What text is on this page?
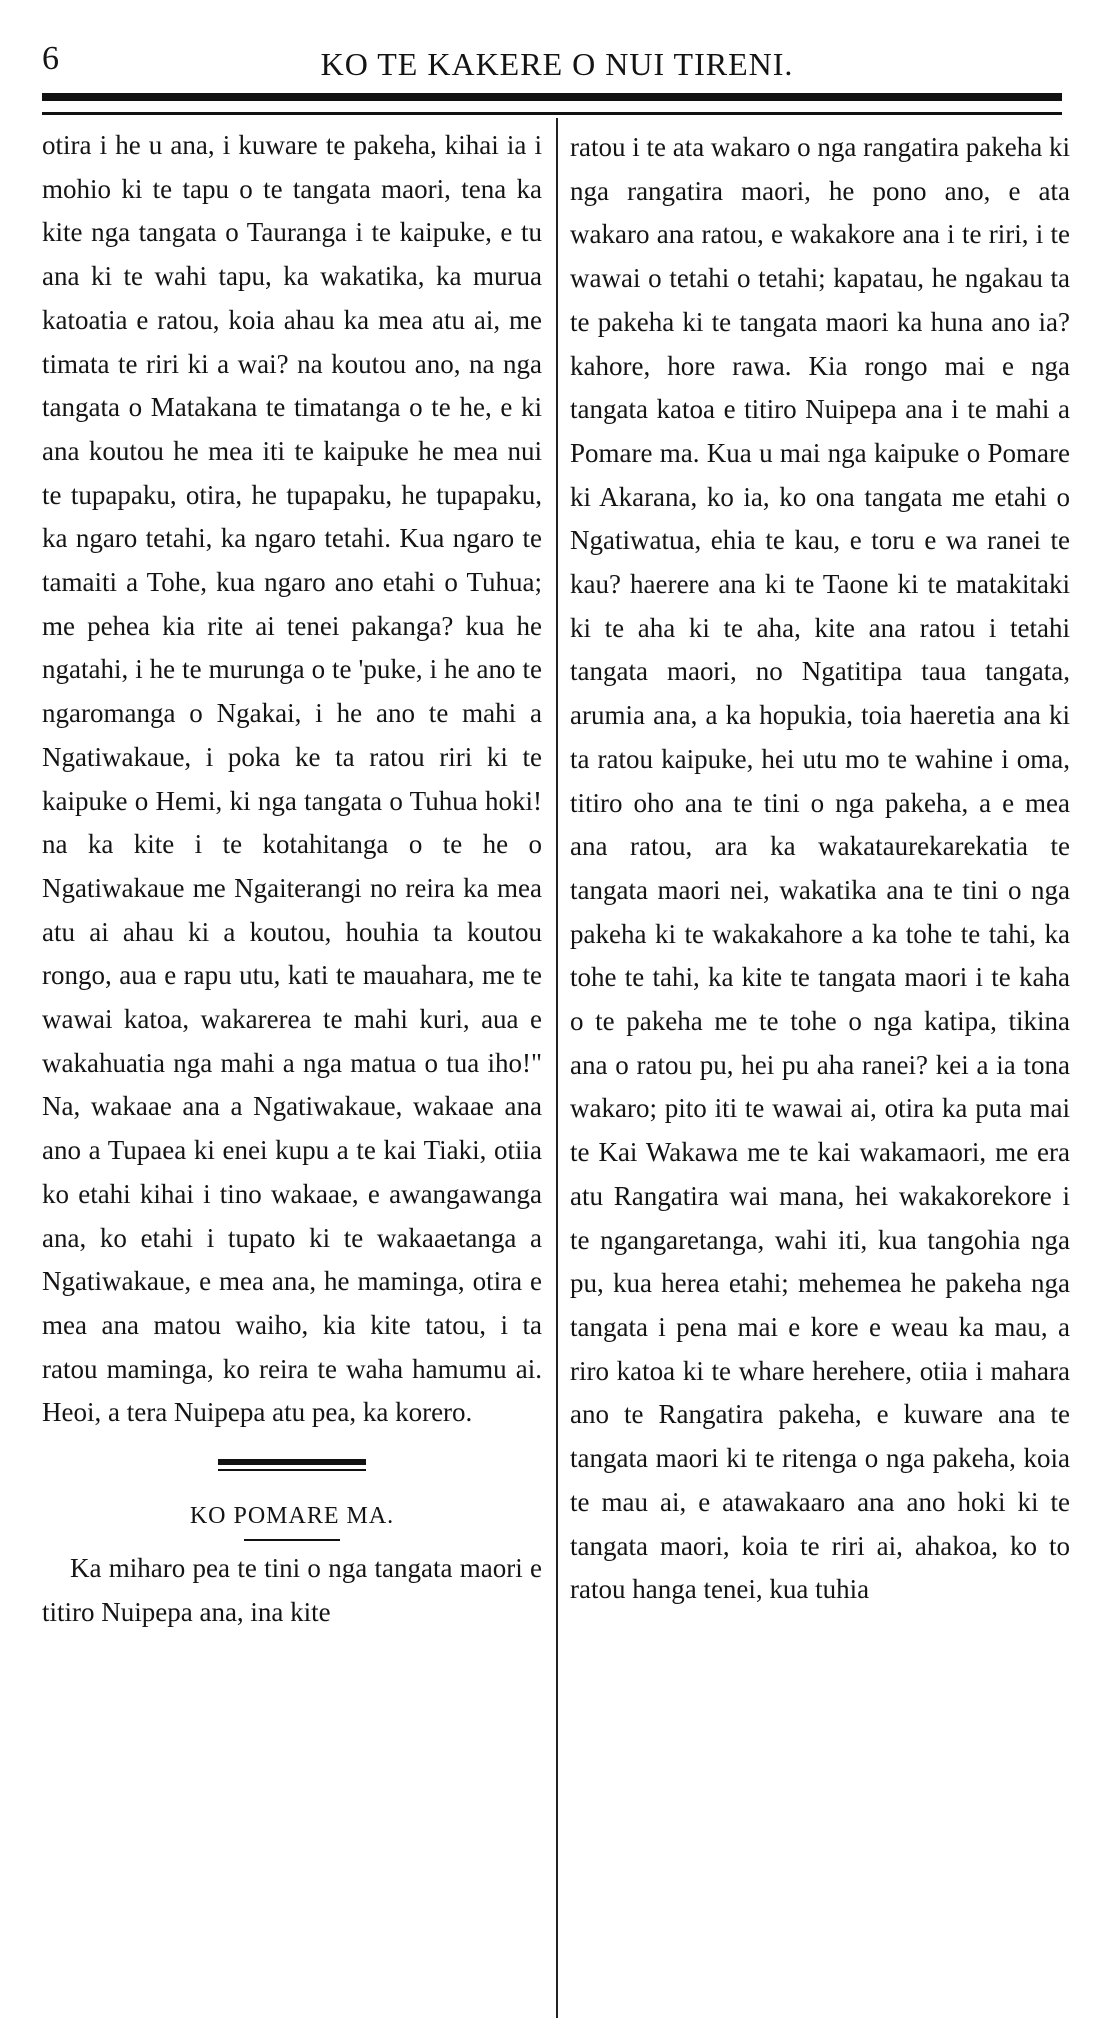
6	KO TE KAKERE O NUI TIRENI.

otira i he u ana, i kuware te pakeha, kihai ia i mohio ki te tapu o te tangata maori, tena ka kite nga tangata o Tauranga i te kaipuke, e tu ana ki te wahi tapu, ka wakatika, ka murua katoatia e ratou, koia ahau ka mea atu ai, me timata te riri ki a wai? na koutou ano, na nga tangata o Matakana te timatanga o te he, e ki ana koutou he mea iti te kaipuke he mea nui te tupapaku, otira, he tupapaku, he tupapaku, ka ngaro tetahi, ka ngaro tetahi. Kua ngaro te tamaiti a Tohe, kua ngaro ano etahi o Tuhua; me pehea kia rite ai tenei pakanga? kua he ngatahi, i he te murunga o te 'puke, i he ano te ngaromanga o Ngakai, i he ano te mahi a Ngatiwakaue, i poka ke ta ratou riri ki te kaipuke o Hemi, ki nga tangata o Tuhua hoki! na ka kite i te kotahitanga o te he o Ngatiwakaue me Ngaiterangi no reira ka mea atu ai ahau ki a koutou, houhia ta koutou rongo, aua e rapu utu, kati te mauahara, me te wawai katoa, wakarerea te mahi kuri, aua e wakahuatia nga mahi a nga matua o tua iho!" Na, wakaae ana a Ngatiwakaue, wakaae ana ano a Tupaea ki enei kupu a te kai Tiaki, otiia ko etahi kihai i tino wakaae, e awangawanga ana, ko etahi i tupato ki te wakaaetanga a Ngatiwakaue, e mea ana, he maminga, otira e mea ana matou waiho, kia kite tatou, i ta ratou maminga, ko reira te waha hamumu ai. Heoi, a tera Nuipepa atu pea, ka korero.

KO POMARE MA.

Ka miharo pea te tini o nga tangata maori e titiro Nuipepa ana, ina kite

ratou i te ata wakaro o nga rangatira pakeha ki nga rangatira maori, he pono ano, e ata wakaro ana ratou, e wakakore ana i te riri, i te wawai o tetahi o tetahi; kapatau, he ngakau ta te pakeha ki te tangata maori ka huna ano ia? kahore, hore rawa. Kia rongo mai e nga tangata katoa e titiro Nuipepa ana i te mahi a Pomare ma. Kua u mai nga kaipuke o Pomare ki Akarana, ko ia, ko ona tangata me etahi o Ngatiwatua, ehia te kau, e toru e wa ranei te kau? haerere ana ki te Taone ki te matakitaki ki te aha ki te aha, kite ana ratou i tetahi tangata maori, no Ngatitipa taua tangata, arumia ana, a ka hopukia, toia haeretia ana ki ta ratou kaipuke, hei utu mo te wahine i oma, titiro oho ana te tini o nga pakeha, a e mea ana ratou, ara ka wakataurekarekatia te tangata maori nei, wakatika ana te tini o nga pakeha ki te wakakahore a ka tohe te tahi, ka tohe te tahi, ka kite te tangata maori i te kaha o te pakeha me te tohe o nga katipa, tikina ana o ratou pu, hei pu aha ranei? kei a ia tona wakaro; pito iti te wawai ai, otira ka puta mai te Kai Wakawa me te kai wakamaori, me era atu Rangatira wai mana, hei wakakorekore i te ngangaretanga, wahi iti, kua tangohia nga pu, kua herea etahi; mehemea he pakeha nga tangata i pena mai e kore e weau ka mau, a riro katoa ki te whare herehere, otiia i mahara ano te Rangatira pakeha, e kuware ana te tangata maori ki te ritenga o nga pakeha, koia te mau ai, e atawakaaro ana ano hoki ki te tangata maori, koia te riri ai, ahakoa, ko to ratou hanga tenei, kua tuhia
